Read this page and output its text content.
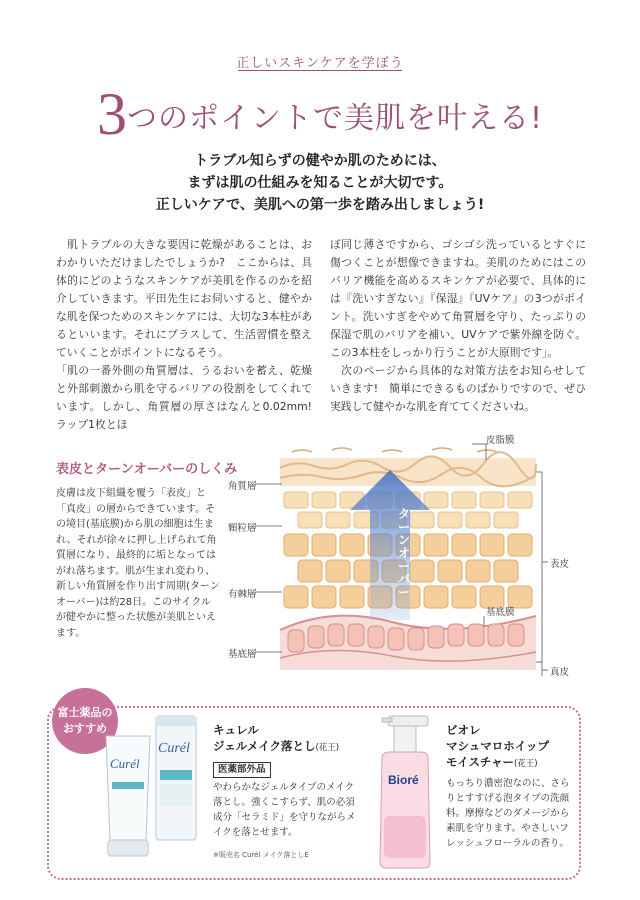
正しいスキンケアを学ぼう
3つのポイントで美肌を叶える!
トラブル知らずの健やか肌のためには、
まずは肌の仕組みを知ることが大切です。
正しいケアで、美肌への第一歩を踏み出しましょう!

　肌トラブルの大きな要因に乾燥があることは、おわかりいただけましたでしょうか?　ここからは、具体的にどのようなスキンケアが美肌を作るのかを紹介していきます。平田先生にお伺いすると、健やかな肌を保つためのスキンケアには、大切な3本柱があるといいます。それにプラスして、生活習慣を整えていくことがポイントになるそう。

「肌の一番外側の角質層は、うるおいを蓄え、乾燥と外部刺激から肌を守るバリアの役割をしてくれています。しかし、角質層の厚さはなんと0.02mm!　ラップ1枚とほ

ぼ同じ薄さですから、ゴシゴシ洗っているとすぐに傷つくことが想像できますね。美肌のためにはこのバリア機能を高めるスキンケアが必要で、具体的には『洗いすぎない』『保湿』『UVケア』の3つがポイント。洗いすぎをやめて角質層を守り、たっぷりの保湿で肌のバリアを補い、UVケアで紫外線を防ぐ。この3本柱をしっかり行うことが大原則です」。

　次のページから具体的な対策方法をお知らせしていきます!　簡単にできるものばかりですので、ぜひ実践して健やかな肌を育ててくださいね。

表皮とターンオーバーのしくみ
皮膚は皮下組織を覆う「表皮」と「真皮」の層からできています。その境目(基底膜)から肌の細胞は生まれ、それが徐々に押し上げられて角質層になり、最終的に垢となってはがれ落ちます。肌が生まれ変わり、新しい角質層を作り出す周期(ターンオーバー)は約28日。このサイクルが健やかに整った状態が美肌といえます。
角質層
顆粒層
有棘層
基底層
皮脂膜
基底膜
表皮
真皮
ターンオーバー
富士薬品の
おすすめ
Curél
Curél
キュレル
ジェルメイク落とし(花王)
医薬部外品
やわらかなジェルタイプのメイク落とし。強くこすらず、肌の必須成分「セラミド」を守りながらメイクを落とせます。
※販売名 Curél メイク落としE
Bioré
ビオレ
マシュマロホイップ
モイスチャー(花王)
もっちり濃密泡なのに、さらりとすすげる泡タイプの洗顔料。摩擦などのダメージから素肌を守ります。やさしいフレッシュフローラルの香り。
